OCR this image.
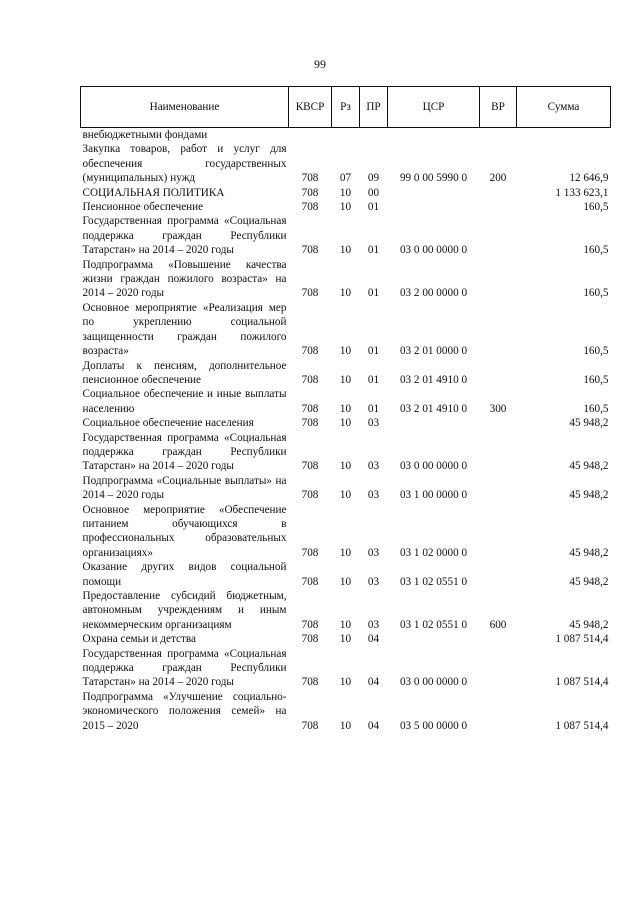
99
Наименование	КВСР	Рз	ПР	ЦСР	ВР	Сумма
внебюджетными фондами						
Закупка товаров, работ и услуг для обеспечения государственных (муниципальных) нужд	708	07	09	99 0 00 5990 0	200	12 646,9
СОЦИАЛЬНАЯ ПОЛИТИКА	708	10	00			1 133 623,1
Пенсионное обеспечение	708	10	01			160,5
Государственная программа «Социальная поддержка граждан Республики Татарстан» на 2014 – 2020 годы	708	10	01	03 0 00 0000 0		160,5
Подпрограмма «Повышение качества жизни граждан пожилого возраста» на 2014 – 2020 годы	708	10	01	03 2 00 0000 0		160,5
Основное мероприятие «Реализация мер по укреплению социальной защищенности граждан пожилого возраста»	708	10	01	03 2 01 0000 0		160,5
Доплаты к пенсиям, дополнительное пенсионное обеспечение	708	10	01	03 2 01 4910 0		160,5
Социальное обеспечение и иные выплаты населению	708	10	01	03 2 01 4910 0	300	160,5
Социальное обеспечение населения	708	10	03			45 948,2
Государственная программа «Социальная поддержка граждан Республики Татарстан» на 2014 – 2020 годы	708	10	03	03 0 00 0000 0		45 948,2
Подпрограмма «Социальные выплаты» на 2014 – 2020 годы	708	10	03	03 1 00 0000 0		45 948,2
Основное мероприятие «Обеспечение питанием обучающихся в профессиональных образовательных организациях»	708	10	03	03 1 02 0000 0		45 948,2
Оказание других видов социальной помощи	708	10	03	03 1 02 0551 0		45 948,2
Предоставление субсидий бюджетным, автономным учреждениям и иным некоммерческим организациям	708	10	03	03 1 02 0551 0	600	45 948,2
Охрана семьи и детства	708	10	04			1 087 514,4
Государственная программа «Социальная поддержка граждан Республики Татарстан» на 2014 – 2020 годы	708	10	04	03 0 00 0000 0		1 087 514,4
Подпрограмма «Улучшение социально-экономического положения семей» на 2015 – 2020	708	10	04	03 5 00 0000 0		1 087 514,4
